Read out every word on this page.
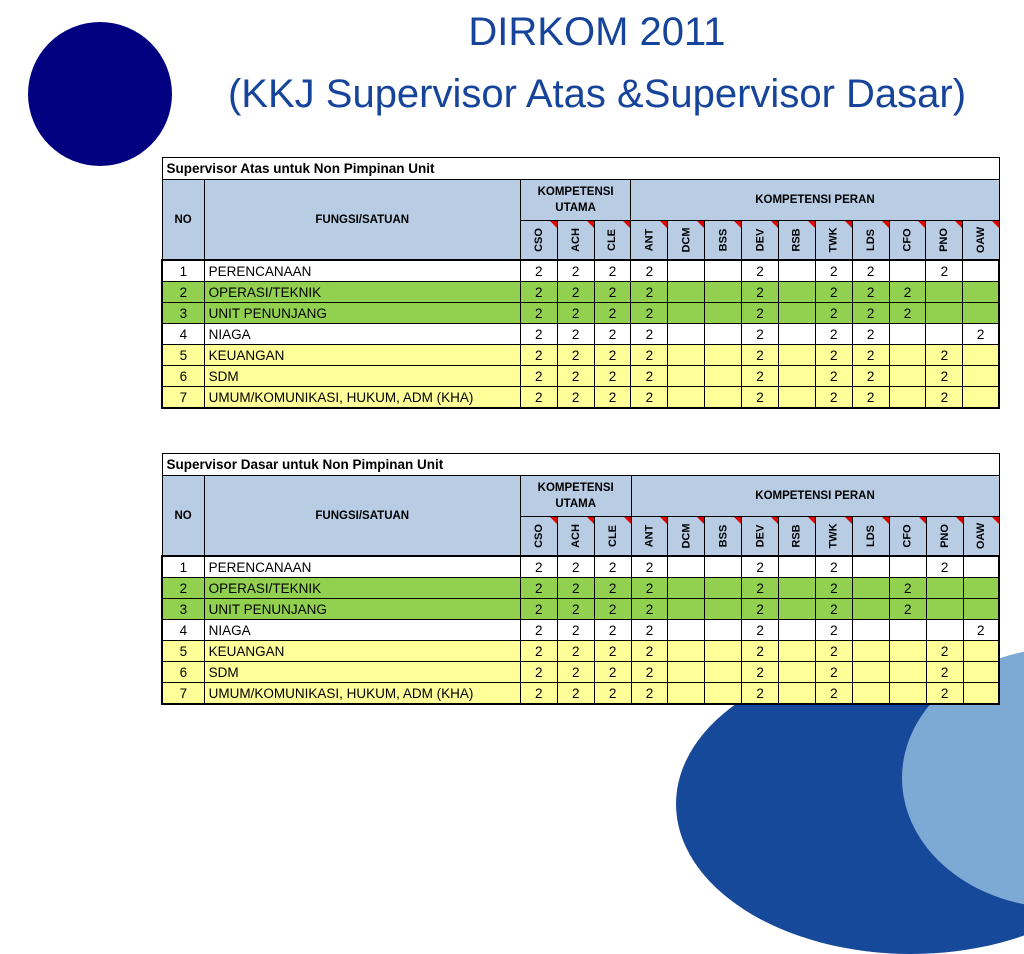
DIRKOM 2011
(KKJ Supervisor Atas &Supervisor Dasar)
Supervisor Atas untuk Non Pimpinan Unit														
NO	FUNGSI/SATUAN	KOMPETENSI UTAMA			KOMPETENSI PERAN									
		CSO	ACH	CLE	ANT	DCM	BSS	DEV	RSB	TWK	LDS	CFO	PNO	OAW
1	PERENCANAAN	2	2	2	2			2		2	2		2	
2	OPERASI/TEKNIK	2	2	2	2			2		2	2	2		
3	UNIT PENUNJANG	2	2	2	2			2		2	2	2		
4	NIAGA	2	2	2	2			2		2	2			2
5	KEUANGAN	2	2	2	2			2		2	2		2	
6	SDM	2	2	2	2			2		2	2		2	
7	UMUM/KOMUNIKASI, HUKUM, ADM (KHA)	2	2	2	2			2		2	2		2	
Supervisor Dasar untuk Non Pimpinan Unit														
NO	FUNGSI/SATUAN	KOMPETENSI UTAMA			KOMPETENSI PERAN									
		CSO	ACH	CLE	ANT	DCM	BSS	DEV	RSB	TWK	LDS	CFO	PNO	OAW
1	PERENCANAAN	2	2	2	2			2		2			2	
2	OPERASI/TEKNIK	2	2	2	2			2		2		2		
3	UNIT PENUNJANG	2	2	2	2			2		2		2		
4	NIAGA	2	2	2	2			2		2				2
5	KEUANGAN	2	2	2	2			2		2			2	
6	SDM	2	2	2	2			2		2			2	
7	UMUM/KOMUNIKASI, HUKUM, ADM (KHA)	2	2	2	2			2		2			2	
